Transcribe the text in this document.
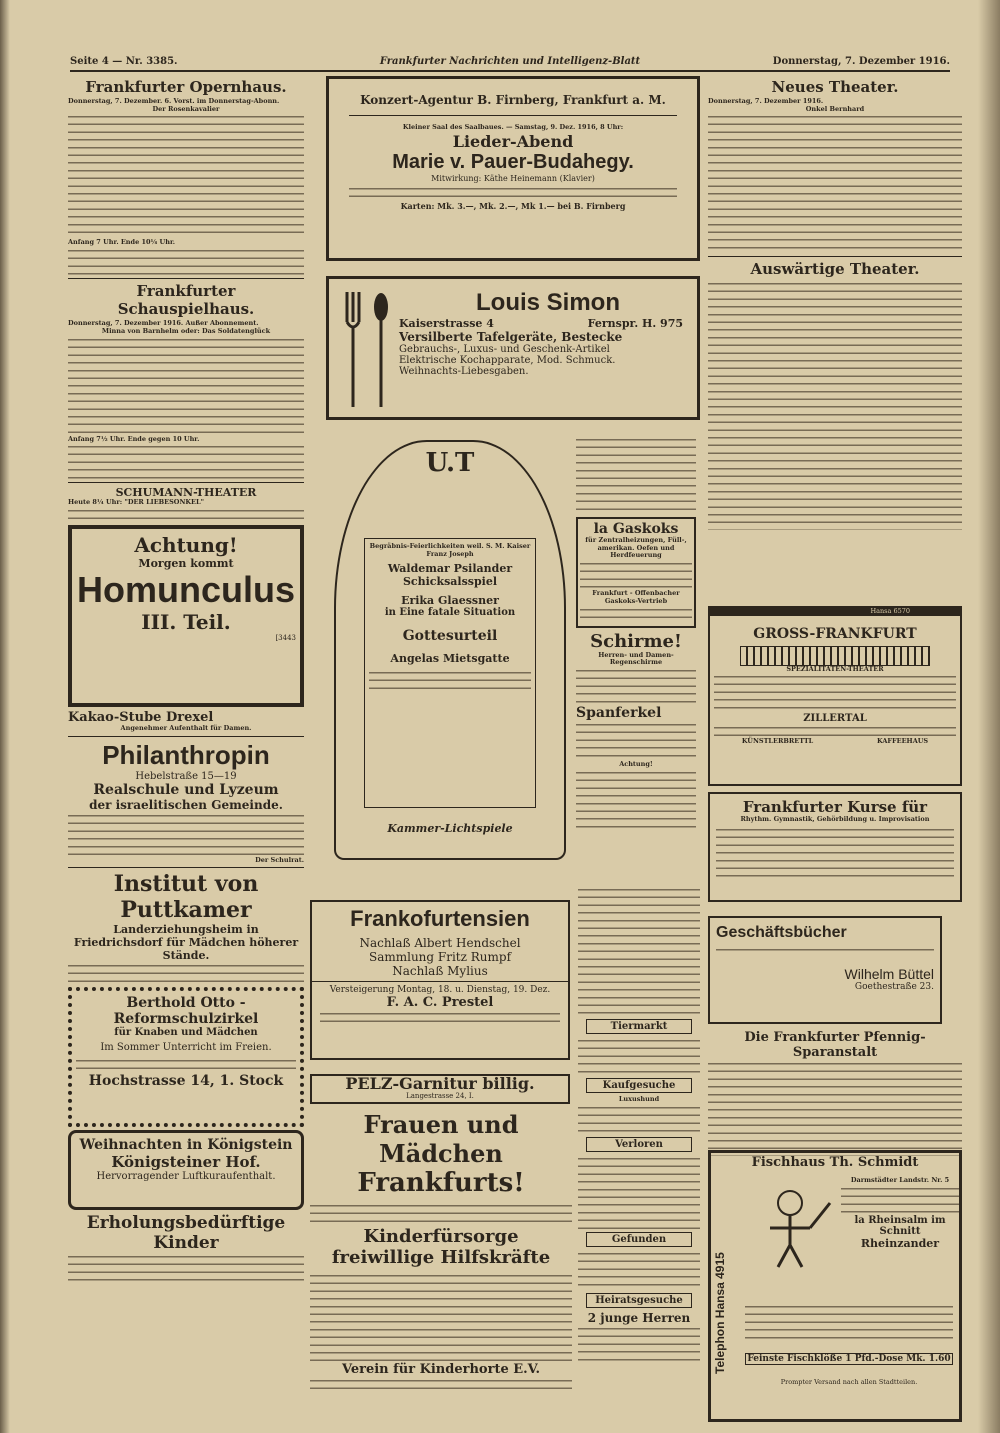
Seite 4 — Nr. 3385.	Frankfurter Nachrichten und Intelligenz-Blatt	Donnerstag, 7. Dezember 1916.
Frankfurter Opernhaus.
Donnerstag, 7. Dezember. 6. Vorst. im Donnerstag-Abonn.
Der Rosenkavalier
Anfang 7 Uhr. Ende 10¼ Uhr.
Frankfurter Schauspielhaus.
Donnerstag, 7. Dezember 1916. Außer Abonnement.
Minna von Barnhelm oder: Das Soldatenglück
Anfang 7½ Uhr. Ende gegen 10 Uhr.
SCHUMANN-THEATER
Heute 8¼ Uhr: "DER LIEBESONKEL"
Achtung!
Morgen kommt
Homunculus
III. Teil.
[3443
Kakao-Stube Drexel
Angenehmer Aufenthalt für Damen.
Philanthropin
Hebelstraße 15—19
Realschule und Lyzeum
der israelitischen Gemeinde.
Der Schulrat.
Institut von Puttkamer
Landerziehungsheim in Friedrichsdorf für Mädchen höherer Stände.
Berthold Otto - Reformschulzirkel
für Knaben und Mädchen
Im Sommer Unterricht im Freien.
Hochstrasse 14, 1. Stock
Weihnachten in Königstein
Königsteiner Hof.
Hervorragender Luftkuraufenthalt.
Erholungsbedürftige Kinder
Konzert-Agentur B. Firnberg, Frankfurt a. M.
Kleiner Saal des Saalbaues. — Samstag, 9. Dez. 1916, 8 Uhr:
Lieder-Abend
Marie v. Pauer-Budahegy.
Mitwirkung: Käthe Heinemann (Klavier)
Karten: Mk. 3.—, Mk. 2.—, Mk 1.— bei B. Firnberg
Louis Simon
Kaiserstrasse 4	Fernspr. H. 975
Versilberte Tafelgeräte, Bestecke
Gebrauchs-, Luxus- und Geschenk-Artikel
Elektrische Kochapparate, Mod. Schmuck.
Weihnachts-Liebesgaben.
U.T
Begräbnis-Feierlichkeiten weil. S. M. Kaiser Franz Joseph
Waldemar Psilander
Schicksalsspiel
Erika Glaessner
in Eine fatale Situation
Gottesurteil
Angelas Mietsgatte
Kammer-Lichtspiele
la Gaskoks
für Zentralheizungen, Füll-, amerikan. Oefen und Herdfeuerung
Frankfurt - Offenbacher Gaskoks-Vertrieb
Schirme!
Herren- und Damen-Regenschirme
Spanferkel
Achtung!
Frankofurtensien
Nachlaß Albert Hendschel
Sammlung Fritz Rumpf
Nachlaß Mylius
Versteigerung Montag, 18. u. Dienstag, 19. Dez.
F. A. C. Prestel
PELZ-Garnitur billig.
Langestrasse 24, I.
Frauen und Mädchen
Frankfurts!
Kinderfürsorge
freiwillige Hilfskräfte
Verein für Kinderhorte E.V.
Tiermarkt
Kaufgesuche
Luxushund
Verloren
Gefunden
Heiratsgesuche
2 junge Herren
Neues Theater.
Donnerstag, 7. Dezember 1916.
Onkel Bernhard
Auswärtige Theater.
Hansa 6570
GROSS-FRANKFURT
SPEZIALITÄTEN-THEATER
ZILLERTAL
KÜNSTLERBRETTL	KAFFEEHAUS
Frankfurter Kurse für
Rhythm. Gymnastik, Gehörbildung u. Improvisation
Geschäftsbücher
Wilhelm Büttel
Goethestraße 23.
Die Frankfurter Pfennig-Sparanstalt
Fischhaus Th. Schmidt
Telephon Hansa 4915
Darmstädter Landstr. Nr. 5
la Rheinsalm im Schnitt
Rheinzander
Feinste Fischklöße 1 Pfd.-Dose Mk. 1.60
Prompter Versand nach allen Stadtteilen.
